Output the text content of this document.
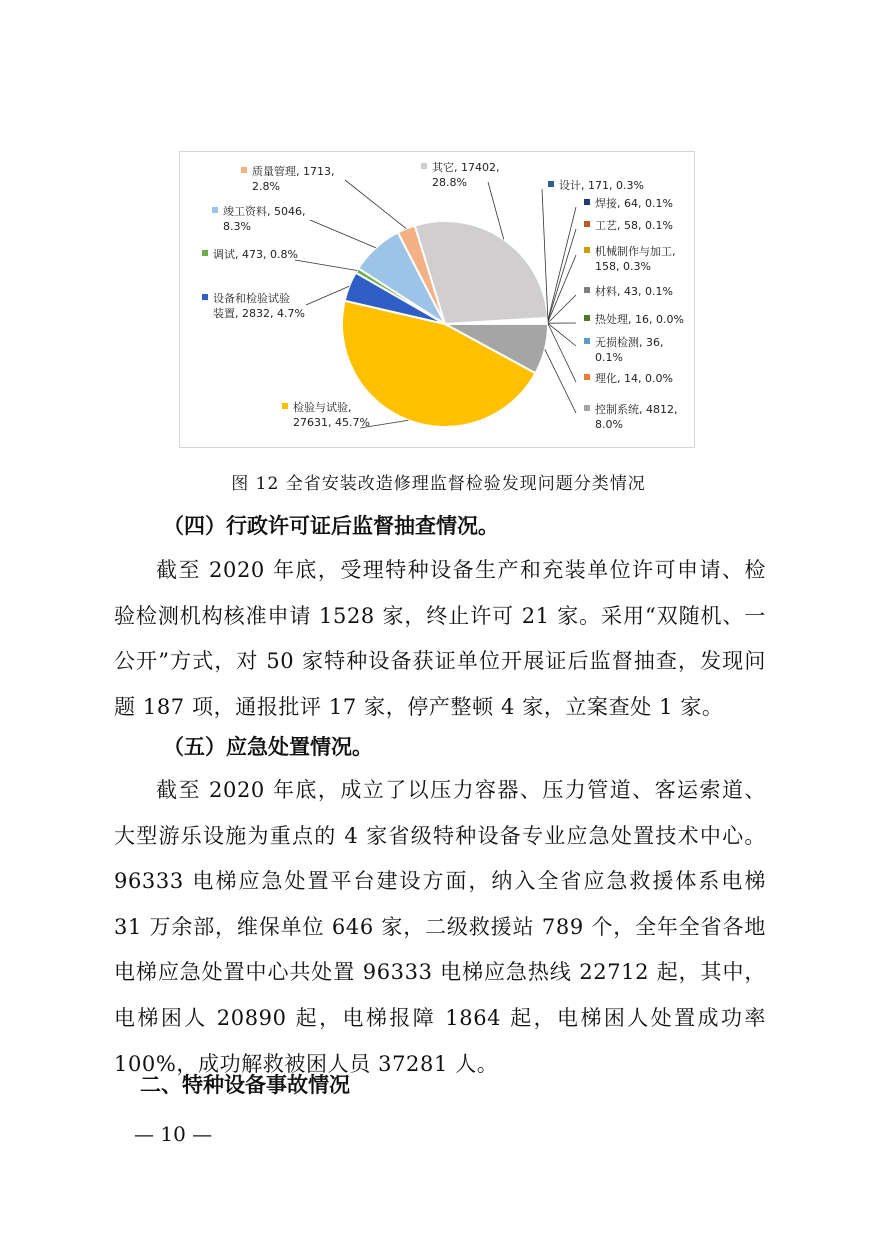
设计, 171, 0.3%
焊接, 64, 0.1%
工艺, 58, 0.1%
机械制作与加工,
158, 0.3%
材料, 43, 0.1%
热处理, 16, 0.0%
无损检测, 36,
0.1%
理化, 14, 0.0%
控制系统, 4812,
8.0%
检验与试验,
27631, 45.7%
设备和检验试验
装置, 2832, 4.7%
调试, 473, 0.8%
竣工资料, 5046,
8.3%
质量管理, 1713,
2.8%
其它, 17402,
28.8%
图 12 全省安装改造修理监督检验发现问题分类情况
（四）行政许可证后监督抽查情况。
截至 2020 年底，受理特种设备生产和充装单位许可申请、检验检测机构核准申请 1528 家，终止许可 21 家。采用“双随机、一公开”方式，对 50 家特种设备获证单位开展证后监督抽查，发现问题 187 项，通报批评 17 家，停产整顿 4 家，立案查处 1 家。
（五）应急处置情况。
截至 2020 年底，成立了以压力容器、压力管道、客运索道、大型游乐设施为重点的 4 家省级特种设备专业应急处置技术中心。96333 电梯应急处置平台建设方面，纳入全省应急救援体系电梯 31 万余部，维保单位 646 家，二级救援站 789 个，全年全省各地电梯应急处置中心共处置 96333 电梯应急热线 22712 起，其中，电梯困人 20890 起，电梯报障 1864 起，电梯困人处置成功率 100%，成功解救被困人员 37281 人。
二、特种设备事故情况
— 10 —
